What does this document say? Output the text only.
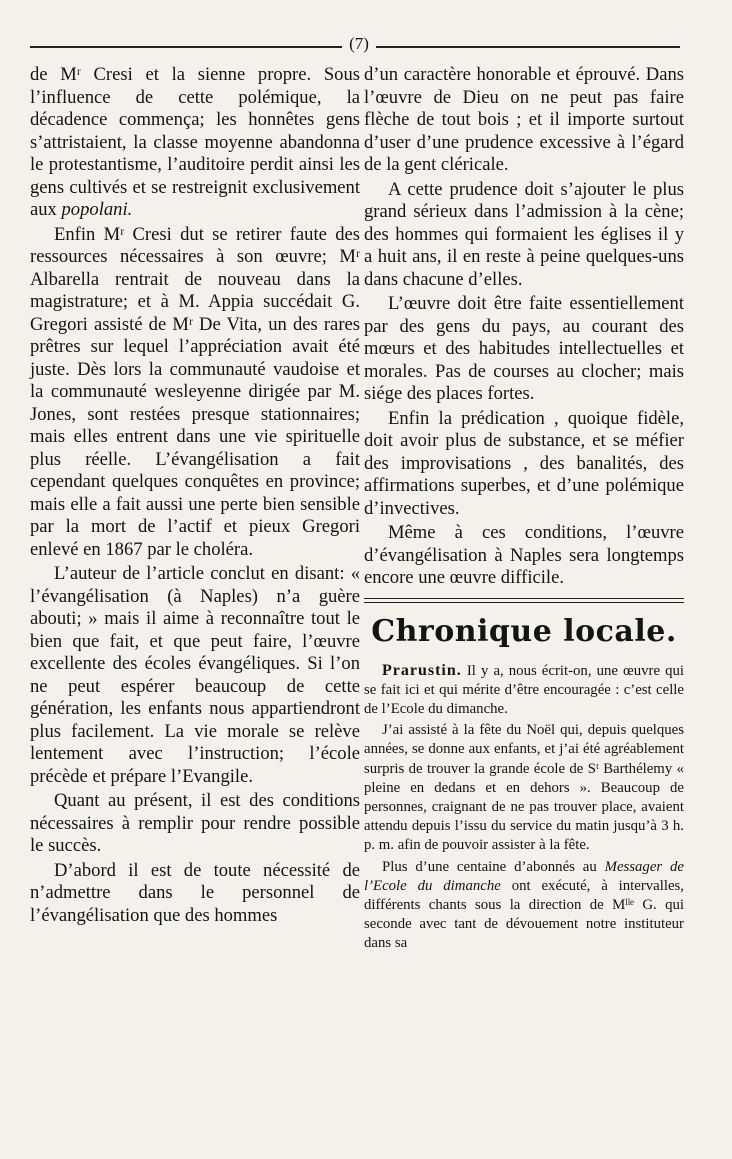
(7)

de Mʳ Cresi et la sienne propre. Sous l’influence de cette polémique, la décadence commença; les honnêtes gens s’attristaient, la classe moyenne abandonna le protestantisme, l’auditoire perdit ainsi les gens cultivés et se restreignit exclusivement aux popolani.

Enfin Mʳ Cresi dut se retirer faute des ressources nécessaires à son œuvre; Mʳ Albarella rentrait de nouveau dans la magistrature; et à M. Appia succédait G. Gregori assisté de Mʳ De Vita, un des rares prêtres sur lequel l’appréciation avait été juste. Dès lors la communauté vaudoise et la communauté wesleyenne dirigée par M. Jones, sont restées presque stationnaires; mais elles entrent dans une vie spirituelle plus réelle. L’évangélisation a fait cependant quelques conquêtes en province; mais elle a fait aussi une perte bien sensible par la mort de l’actif et pieux Gregori enlevé en 1867 par le choléra.

L’auteur de l’article conclut en disant: « l’évangélisation (à Naples) n’a guère abouti; » mais il aime à reconnaître tout le bien que fait, et que peut faire, l’œuvre excellente des écoles évangéliques. Si l’on ne peut espérer beaucoup de cette génération, les enfants nous appartiendront plus facilement. La vie morale se relève lentement avec l’instruction; l’école précède et prépare l’Evangile.

Quant au présent, il est des conditions nécessaires à remplir pour rendre possible le succès.

D’abord il est de toute nécessité de n’admettre dans le personnel de l’évangélisation que des hommes

d’un caractère honorable et éprouvé. Dans l’œuvre de Dieu on ne peut pas faire flèche de tout bois ; et il importe surtout d’user d’une prudence excessive à l’égard de la gent cléricale.

A cette prudence doit s’ajouter le plus grand sérieux dans l’admission à la cène; des hommes qui formaient les églises il y a huit ans, il en reste à peine quelques-uns dans chacune d’elles.

L’œuvre doit être faite essentiellement par des gens du pays, au courant des mœurs et des habitudes intellectuelles et morales. Pas de courses au clocher; mais siége des places fortes.

Enfin la prédication , quoique fidèle, doit avoir plus de substance, et se méfier des improvisations , des banalités, des affirmations superbes, et d’une polémique d’invectives.

Même à ces conditions, l’œuvre d’évangélisation à Naples sera longtemps encore une œuvre difficile.

Chronique locale.

Prarustin. Il y a, nous écrit-on, une œuvre qui se fait ici et qui mérite d’être encouragée : c’est celle de l’Ecole du dimanche.

J’ai assisté à la fête du Noël qui, depuis quelques années, se donne aux enfants, et j’ai été agréablement surpris de trouver la grande école de Sᵗ Barthélemy « pleine en dedans et en dehors ». Beaucoup de personnes, craignant de ne pas trouver place, avaient attendu depuis l’issu du service du matin jusqu’à 3 h. p. m. afin de pouvoir assister à la fête.

Plus d’une centaine d’abonnés au Messager de l’Ecole du dimanche ont exécuté, à intervalles, différents chants sous la direction de Mˡˡᵉ G. qui seconde avec tant de dévouement notre instituteur dans sa
